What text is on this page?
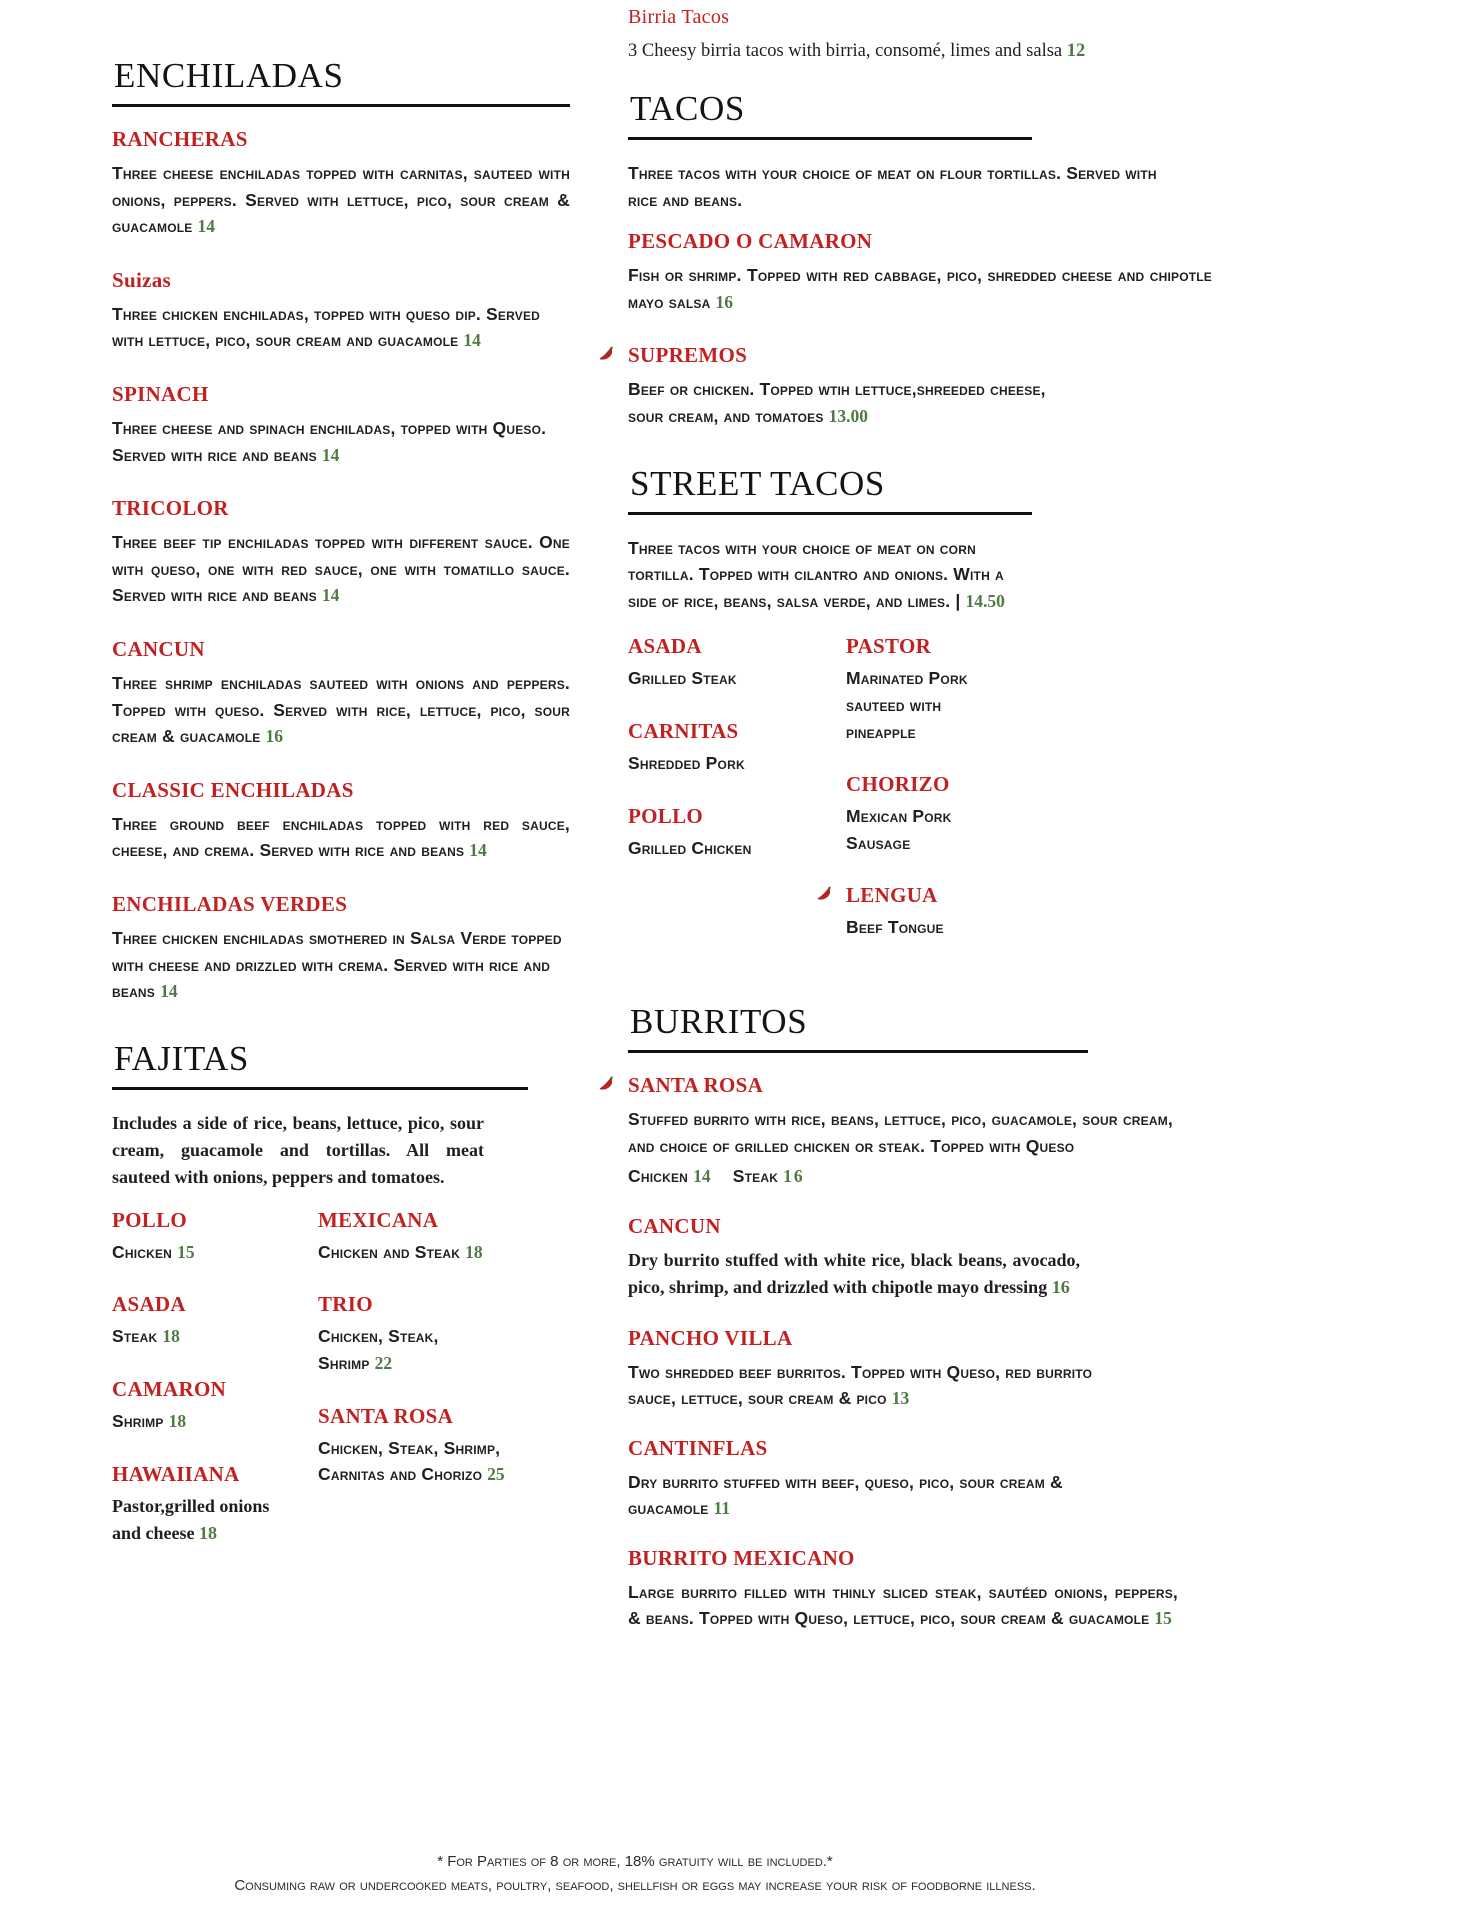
ENCHILADAS
RANCHERAS

Three cheese enchiladas topped with carnitas, sauteed with onions, peppers. Served with lettuce, pico, sour cream & guacamole 14

Suizas

Three chicken enchiladas, topped with queso dip. Served with lettuce, pico, sour cream and guacamole 14

SPINACH

Three cheese and spinach enchiladas, topped with Queso. Served with rice and beans 14

TRICOLOR

Three beef tip enchiladas topped with different sauce. One with queso, one with red sauce, one with tomatillo sauce. Served with rice and beans 14

CANCUN

Three shrimp enchiladas sauteed with onions and peppers. Topped with queso. Served with rice, lettuce, pico, sour cream & guacamole 16

CLASSIC ENCHILADAS

Three ground beef enchiladas topped with red sauce, cheese, and crema. Served with rice and beans 14

ENCHILADAS VERDES

Three chicken enchiladas smothered in Salsa Verde topped with cheese and drizzled with crema. Served with rice and beans 14

FAJITAS

Includes a side of rice, beans, lettuce, pico, sour cream, guacamole and tortillas. All meat sauteed with onions, peppers and tomatoes.

POLLO

Chicken 15

ASADA

Steak 18

CAMARON

Shrimp 18

HAWAIIANA

Pastor,grilled onions and cheese 18

MEXICANA

Chicken and Steak 18

TRIO

Chicken, Steak, Shrimp 22

SANTA ROSA

Chicken, Steak, Shrimp, Carnitas and Chorizo 25

Birria Tacos

3 Cheesy birria tacos with birria, consomé, limes and salsa 12

TACOS

Three tacos with your choice of meat on flour tortillas. Served with rice and beans.

PESCADO O CAMARON

Fish or shrimp. Topped with red cabbage, pico, shredded cheese and chipotle mayo salsa 16

SUPREMOS

Beef or chicken. Topped wtih lettuce,shreeded cheese, sour cream, and tomatoes 13.00

STREET TACOS

Three tacos with your choice of meat on corn tortilla. Topped with cilantro and onions. With a side of rice, beans, salsa verde, and limes. | 14.50

ASADA

Grilled Steak

CARNITAS

Shredded Pork

POLLO

Grilled Chicken

PASTOR

Marinated Pork sauteed with pineapple

CHORIZO

Mexican Pork Sausage

LENGUA

Beef Tongue

BURRITOS
SANTA ROSA

Stuffed burrito with rice, beans, lettuce, pico, guacamole, sour cream, and choice of grilled chicken or steak. Topped with Queso

Chicken 14 Steak 16

CANCUN

Dry burrito stuffed with white rice, black beans, avocado, pico, shrimp, and drizzled with chipotle mayo dressing 16

PANCHO VILLA

Two shredded beef burritos. Topped with Queso, red burrito sauce, lettuce, sour cream & pico 13

CANTINFLAS

Dry burrito stuffed with beef, queso, pico, sour cream & guacamole 11

BURRITO MEXICANO

Large burrito filled with thinly sliced steak, sautéed onions, peppers, & beans. Topped with Queso, lettuce, pico, sour cream & guacamole 15

* For Parties of 8 or more, 18% gratuity will be included.*
Consuming raw or undercooked meats, poultry, seafood, shellfish or eggs may increase your risk of foodborne illness.
